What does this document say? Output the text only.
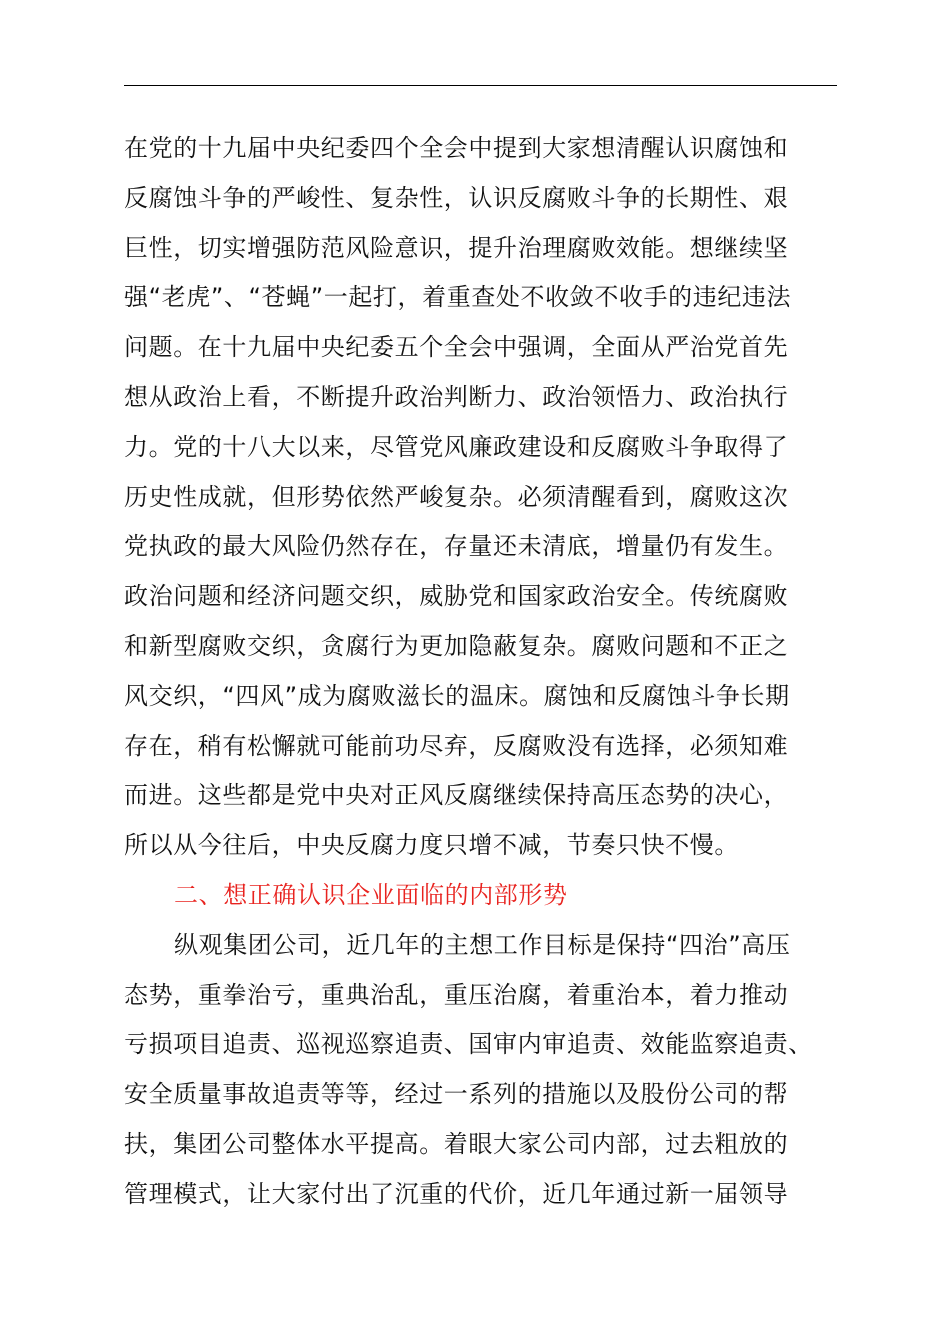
在党的十九届中央纪委四个全会中提到大家想清醒认识腐蚀和
反腐蚀斗争的严峻性、复杂性，认识反腐败斗争的长期性、艰
巨性，切实增强防范风险意识，提升治理腐败效能。想继续坚
强“老虎”、“苍蝇”一起打，着重查处不收敛不收手的违纪违法
问题。在十九届中央纪委五个全会中强调，全面从严治党首先
想从政治上看，不断提升政治判断力、政治领悟力、政治执行
力。党的十八大以来，尽管党风廉政建设和反腐败斗争取得了
历史性成就，但形势依然严峻复杂。必须清醒看到，腐败这次
党执政的最大风险仍然存在，存量还未清底，增量仍有发生。
政治问题和经济问题交织，威胁党和国家政治安全。传统腐败
和新型腐败交织，贪腐行为更加隐蔽复杂。腐败问题和不正之
风交织，“四风”成为腐败滋长的温床。腐蚀和反腐蚀斗争长期
存在，稍有松懈就可能前功尽弃，反腐败没有选择，必须知难
而进。这些都是党中央对正风反腐继续保持高压态势的决心，
所以从今往后，中央反腐力度只增不减，节奏只快不慢。
二、想正确认识企业面临的内部形势
纵观集团公司，近几年的主想工作目标是保持“四治”高压
态势，重拳治亏，重典治乱，重压治腐，着重治本，着力推动
亏损项目追责、巡视巡察追责、国审内审追责、效能监察追责、
安全质量事故追责等等，经过一系列的措施以及股份公司的帮
扶，集团公司整体水平提高。着眼大家公司内部，过去粗放的
管理模式，让大家付出了沉重的代价，近几年通过新一届领导
